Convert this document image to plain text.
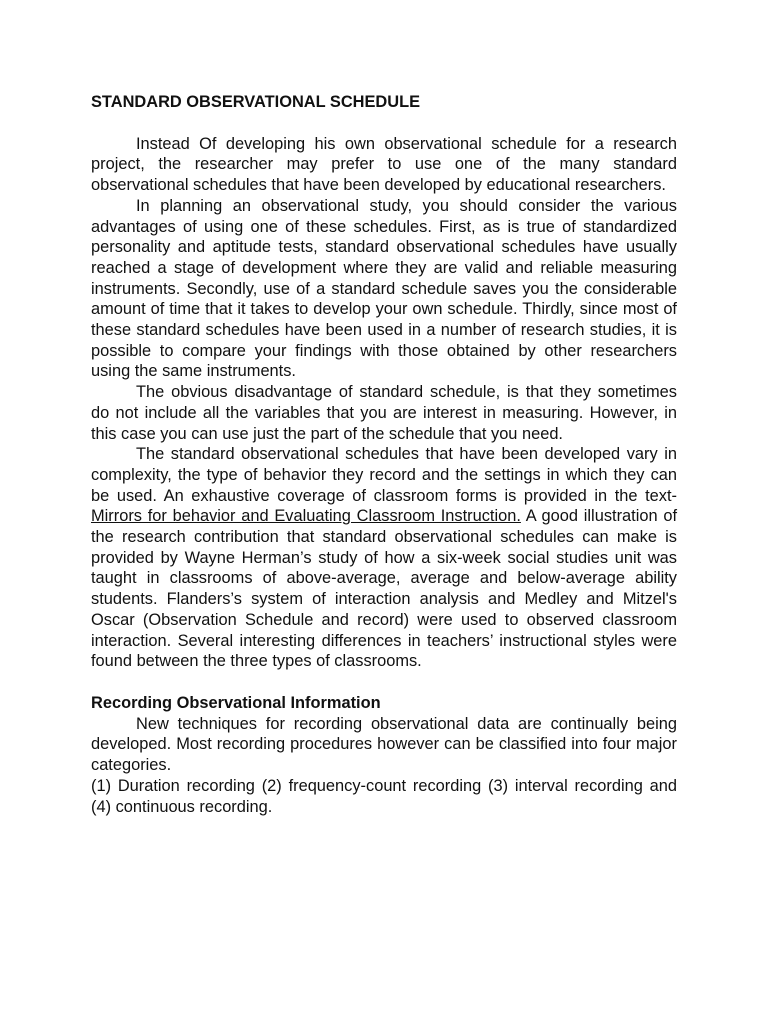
STANDARD OBSERVATIONAL SCHEDULE

Instead Of developing his own observational schedule for a research project, the researcher may prefer to use one of the many standard observational schedules that have been developed by educational researchers.

In planning an observational study, you should consider the various advantages of using one of these schedules. First, as is true of standardized personality and aptitude tests, standard observational schedules have usually reached a stage of development where they are valid and reliable measuring instruments. Secondly, use of a standard schedule saves you the considerable amount of time that it takes to develop your own schedule. Thirdly, since most of these standard schedules have been used in a number of research studies, it is possible to compare your findings with those obtained by other researchers using the same instruments.

The obvious disadvantage of standard schedule, is that they sometimes do not include all the variables that you are interest in measuring. However, in this case you can use just the part of the schedule that you need.

The standard observational schedules that have been developed vary in complexity, the type of behavior they record and the settings in which they can be used. An exhaustive coverage of classroom forms is provided in the text- Mirrors for behavior and Evaluating Classroom Instruction. A good illustration of the research contribution that standard observational schedules can make is provided by Wayne Herman’s study of how a six-week social studies unit was taught in classrooms of above-average, average and below-average ability students. Flanders’s system of interaction analysis and Medley and Mitzel's Oscar (Observation Schedule and record) were used to observed classroom interaction. Several interesting differences in teachers’ instructional styles were found between the three types of classrooms.

Recording Observational Information

New techniques for recording observational data are continually being developed. Most recording procedures however can be classified into four major categories.

(1) Duration recording (2) frequency-count recording (3) interval recording and (4) continuous recording.
